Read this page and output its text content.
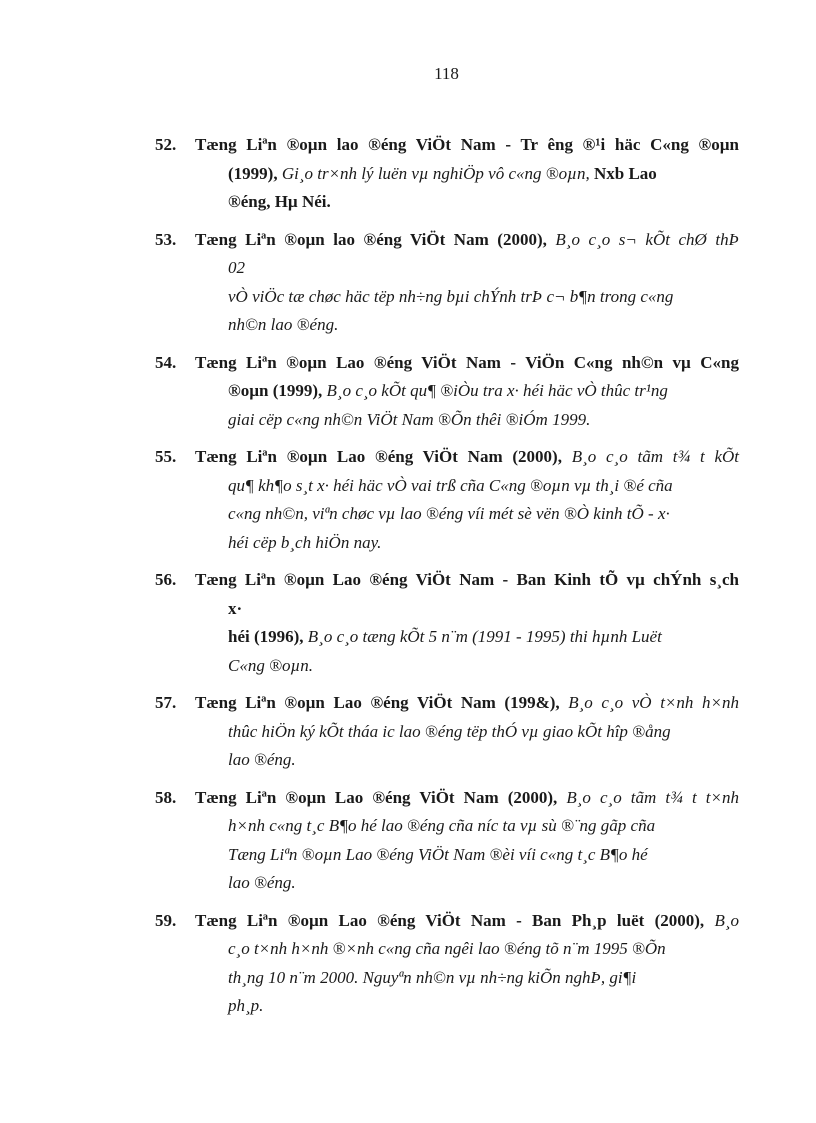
118
52.	Tæng Liªn ®oµn lao ®éng ViÖt Nam - Tr êng ®¹i häc C«ng ®oµn
(1999), Gi¸o tr×nh lý luën vµ nghiÖp vô c«ng ®oµn, Nxb Lao
®éng, Hµ Néi.
53.	Tæng Liªn ®oµn lao ®éng ViÖt Nam (2000), B¸o c¸o s¬ kÕt chØ thÞ
02
vÒ viÖc tæ chøc häc tëp nh÷ng bµi chÝnh trÞ c¬ b¶n trong c«ng
nh©n lao ®éng.
54.	Tæng Liªn ®oµn Lao ®éng ViÖt Nam - ViÖn C«ng nh©n vµ C«ng
®oµn (1999), B¸o c¸o kÕt qu¶ ®iÒu tra x· héi häc vÒ thûc tr¹ng
giai cëp c«ng nh©n ViÖt Nam ®Õn thêi ®iÓm 1999.
55.	Tæng Liªn ®oµn Lao ®éng ViÖt Nam (2000), B¸o c¸o tãm t¾ t kÕt
qu¶ kh¶o s¸t x· héi häc vÒ vai trß cña C«ng ®oµn vµ th¸i ®é cña
c«ng nh©n, viªn chøc vµ lao ®éng víi mét sè vën ®Ò kinh tÕ - x·
héi cëp b¸ch hiÖn nay.
56.	Tæng Liªn ®oµn Lao ®éng ViÖt Nam - Ban Kinh tÕ vµ chÝnh s¸ch
x·
héi (1996), B¸o c¸o tæng kÕt 5 n¨m (1991 - 1995) thi hµnh Luët
C«ng ®oµn.
57.	Tæng Liªn ®oµn Lao ®éng ViÖt Nam (199&), B¸o c¸o vÒ t×nh h×nh
thûc hiÖn ký kÕt tháa ic lao ®éng tëp thÓ vµ giao kÕt hîp ®ång
lao ®éng.
58.	Tæng Liªn ®oµn Lao ®éng ViÖt Nam (2000), B¸o c¸o tãm t¾ t t×nh
h×nh c«ng t¸c B¶o hé lao ®éng cña níc ta vµ sù ®¨ng gãp cña
Tæng Liªn ®oµn Lao ®éng ViÖt Nam ®èi víi c«ng t¸c B¶o hé
lao ®éng.
59.	Tæng Liªn ®oµn Lao ®éng ViÖt Nam - Ban Ph¸p luët (2000), B¸o
c¸o t×nh h×nh ®×nh c«ng cña ngêi lao ®éng tõ n¨m 1995 ®Õn
th¸ng 10 n¨m 2000. Nguyªn nh©n vµ nh÷ng kiÕn nghÞ, gi¶i
ph¸p.
